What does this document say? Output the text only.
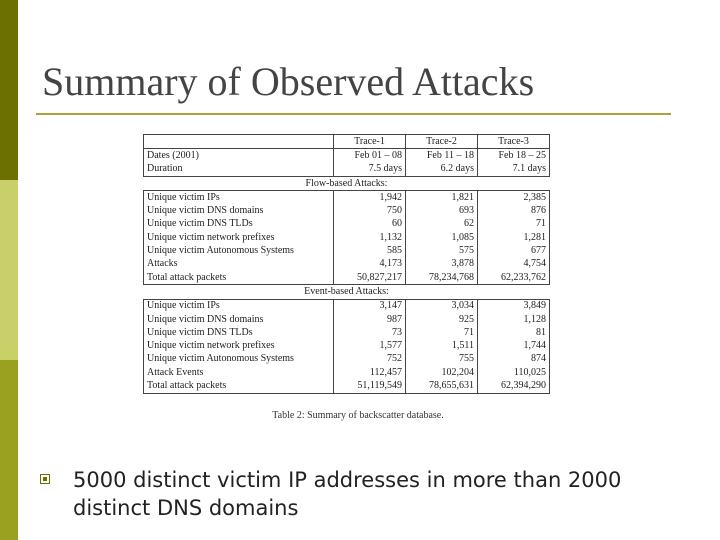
Summary of Observed Attacks
	Trace-1	Trace-2	Trace-3
Dates (2001)	Feb 01 – 08	Feb 11 – 18	Feb 18 – 25
Duration	7.5 days	6.2 days	7.1 days
Flow-based Attacks:			
Unique victim IPs	1,942	1,821	2,385
Unique victim DNS domains	750	693	876
Unique victim DNS TLDs	60	62	71
Unique victim network prefixes	1,132	1,085	1,281
Unique victim Autonomous Systems	585	575	677
Attacks	4,173	3,878	4,754
Total attack packets	50,827,217	78,234,768	62,233,762
Event-based Attacks:			
Unique victim IPs	3,147	3,034	3,849
Unique victim DNS domains	987	925	1,128
Unique victim DNS TLDs	73	71	81
Unique victim network prefixes	1,577	1,511	1,744
Unique victim Autonomous Systems	752	755	874
Attack Events	112,457	102,204	110,025
Total attack packets	51,119,549	78,655,631	62,394,290
Table 2: Summary of backscatter database.
5000 distinct victim IP addresses in more than 2000 distinct DNS domains
